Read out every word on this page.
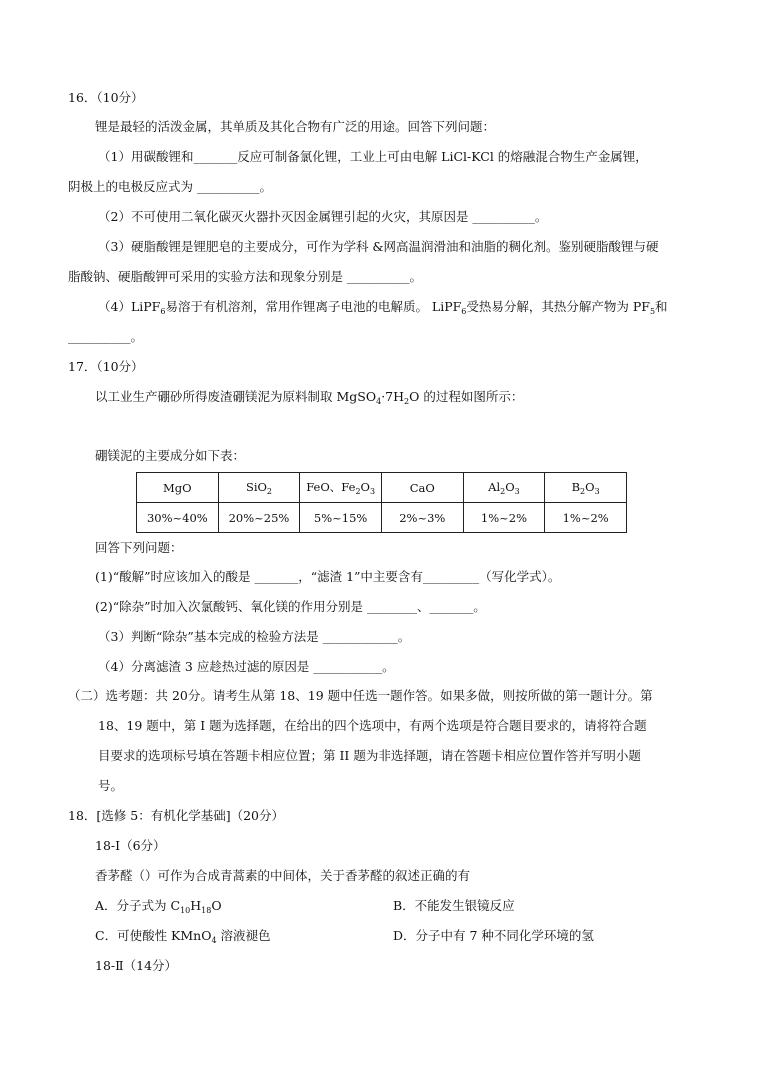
16．（10分）
锂是最轻的活泼金属，其单质及其化合物有广泛的用途。回答下列问题：
（1）用碳酸锂和_______反应可制备氯化锂，工业上可由电解 LiCl-KCl 的熔融混合物生产金属锂，
阴极上的电极反应式为 __________。
（2）不可使用二氧化碳灭火器扑灭因金属锂引起的火灾，其原因是 __________。
（3）硬脂酸锂是锂肥皂的主要成分，可作为学科 &网高温润滑油和油脂的稠化剂。鉴别硬脂酸锂与硬
脂酸钠、硬脂酸钾可采用的实验方法和现象分别是 __________。
（4）LiPF$_6$易溶于有机溶剂，常用作锂离子电池的电解质。 LiPF$_6$受热易分解，其热分解产物为 $PF_5$和
__________。
17．（10分）
以工业生产硼砂所得废渣硼镁泥为原料制取 $MgSO_4\cdot 7H_2O$ 的过程如图所示：
硼镁泥的主要成分如下表：
MgO	SiO$_2$	FeO、$Fe_2O_3$	CaO	$Al_2O_3$	$B_2O_3$
30%~40%	20%~25%	5%~15%	2%~3%	1%~2%	1%~2%
回答下列问题：
(1)“酸解”时应该加入的酸是 _______，“滤渣 1”中主要含有_________（写化学式）。
(2)“除杂”时加入次氯酸钙、氧化镁的作用分别是 ________、_______。
（3）判断“除杂”基本完成的检验方法是 ____________。
（4）分离滤渣 3 应趁热过滤的原因是 ___________。
（二）选考题：共 20分。请考生从第 18、19 题中任选一题作答。如果多做，则按所做的第一题计分。第
18、19 题中，第 I 题为选择题，在给出的四个选项中，有两个选项是符合题目要求的，请将符合题
目要求的选项标号填在答题卡相应位置；第 II 题为非选择题，请在答题卡相应位置作答并写明小题
号。
18．[选修 5：有机化学基础]（20分）
18-Ⅰ（6分）
香茅醛（）可作为合成青蒿素的中间体，关于香茅醛的叙述正确的有
A．分子式为 $C_{10}H_{18}O$	B．不能发生银镜反应
C．可使酸性 KMnO$_4$ 溶液褪色	D．分子中有 7 种不同化学环境的氢
18-Ⅱ（14分）
